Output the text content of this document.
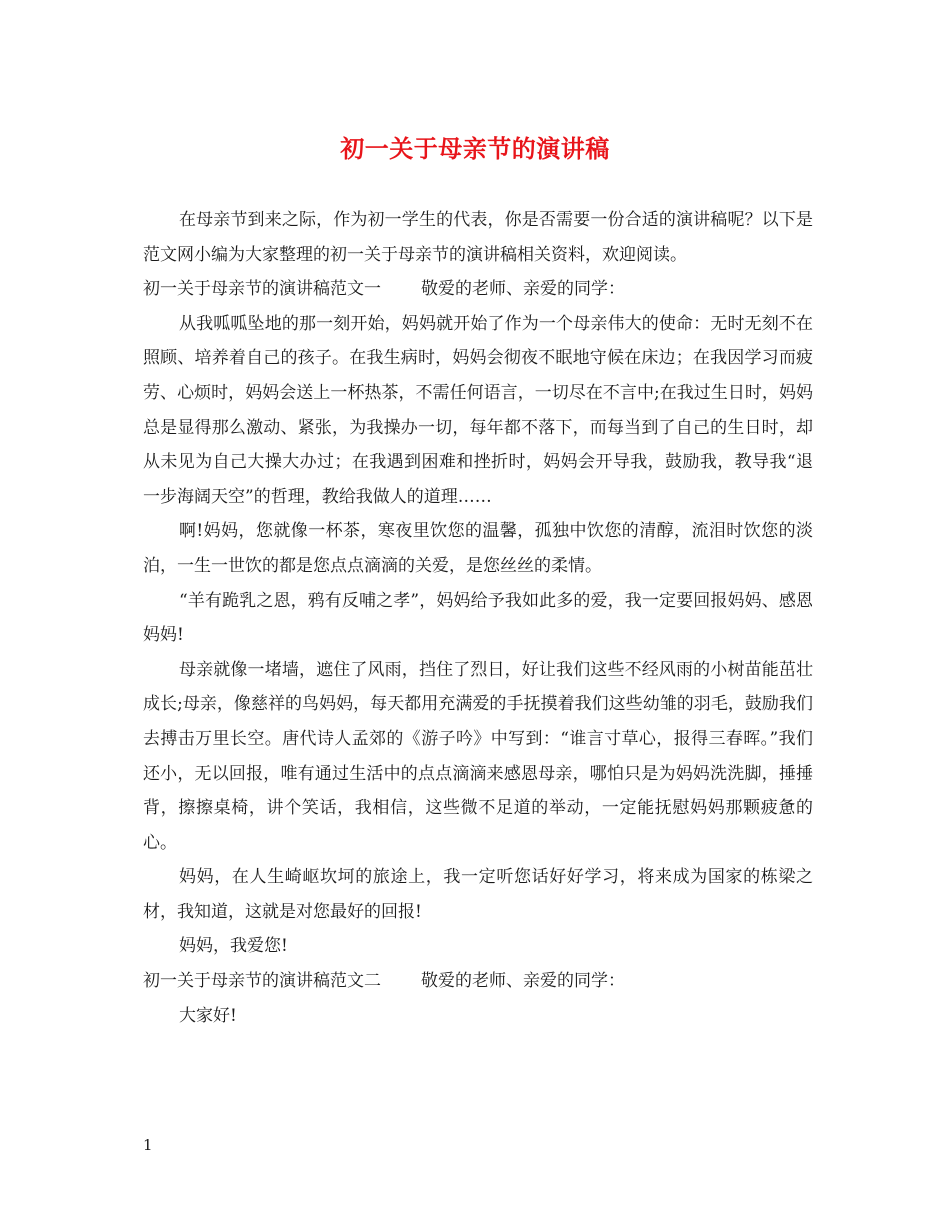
初一关于母亲节的演讲稿

在母亲节到来之际，作为初一学生的代表，你是否需要一份合适的演讲稿呢？以下是范文网小编为大家整理的初一关于母亲节的演讲稿相关资料，欢迎阅读。

初一关于母亲节的演讲稿范文一 敬爱的老师、亲爱的同学：

从我呱呱坠地的那一刻开始，妈妈就开始了作为一个母亲伟大的使命：无时无刻不在照顾、培养着自己的孩子。在我生病时，妈妈会彻夜不眠地守候在床边；在我因学习而疲劳、心烦时，妈妈会送上一杯热茶，不需任何语言，一切尽在不言中;在我过生日时，妈妈总是显得那么激动、紧张，为我操办一切，每年都不落下，而每当到了自己的生日时，却从未见为自己大操大办过；在我遇到困难和挫折时，妈妈会开导我，鼓励我，教导我“退一步海阔天空”的哲理，教给我做人的道理……

啊!妈妈，您就像一杯茶，寒夜里饮您的温馨，孤独中饮您的清醇，流泪时饮您的淡泊，一生一世饮的都是您点点滴滴的关爱，是您丝丝的柔情。

“羊有跪乳之恩，鸦有反哺之孝”，妈妈给予我如此多的爱，我一定要回报妈妈、感恩妈妈!

母亲就像一堵墙，遮住了风雨，挡住了烈日，好让我们这些不经风雨的小树苗能茁壮成长;母亲，像慈祥的鸟妈妈，每天都用充满爱的手抚摸着我们这些幼雏的羽毛，鼓励我们去搏击万里长空。唐代诗人孟郊的《游子吟》中写到：“谁言寸草心，报得三春晖。”我们还小，无以回报，唯有通过生活中的点点滴滴来感恩母亲，哪怕只是为妈妈洗洗脚，捶捶背，擦擦桌椅，讲个笑话，我相信，这些微不足道的举动，一定能抚慰妈妈那颗疲惫的心。

妈妈，在人生崎岖坎坷的旅途上，我一定听您话好好学习，将来成为国家的栋梁之材，我知道，这就是对您最好的回报!

妈妈，我爱您!

初一关于母亲节的演讲稿范文二 敬爱的老师、亲爱的同学：

大家好!

1
